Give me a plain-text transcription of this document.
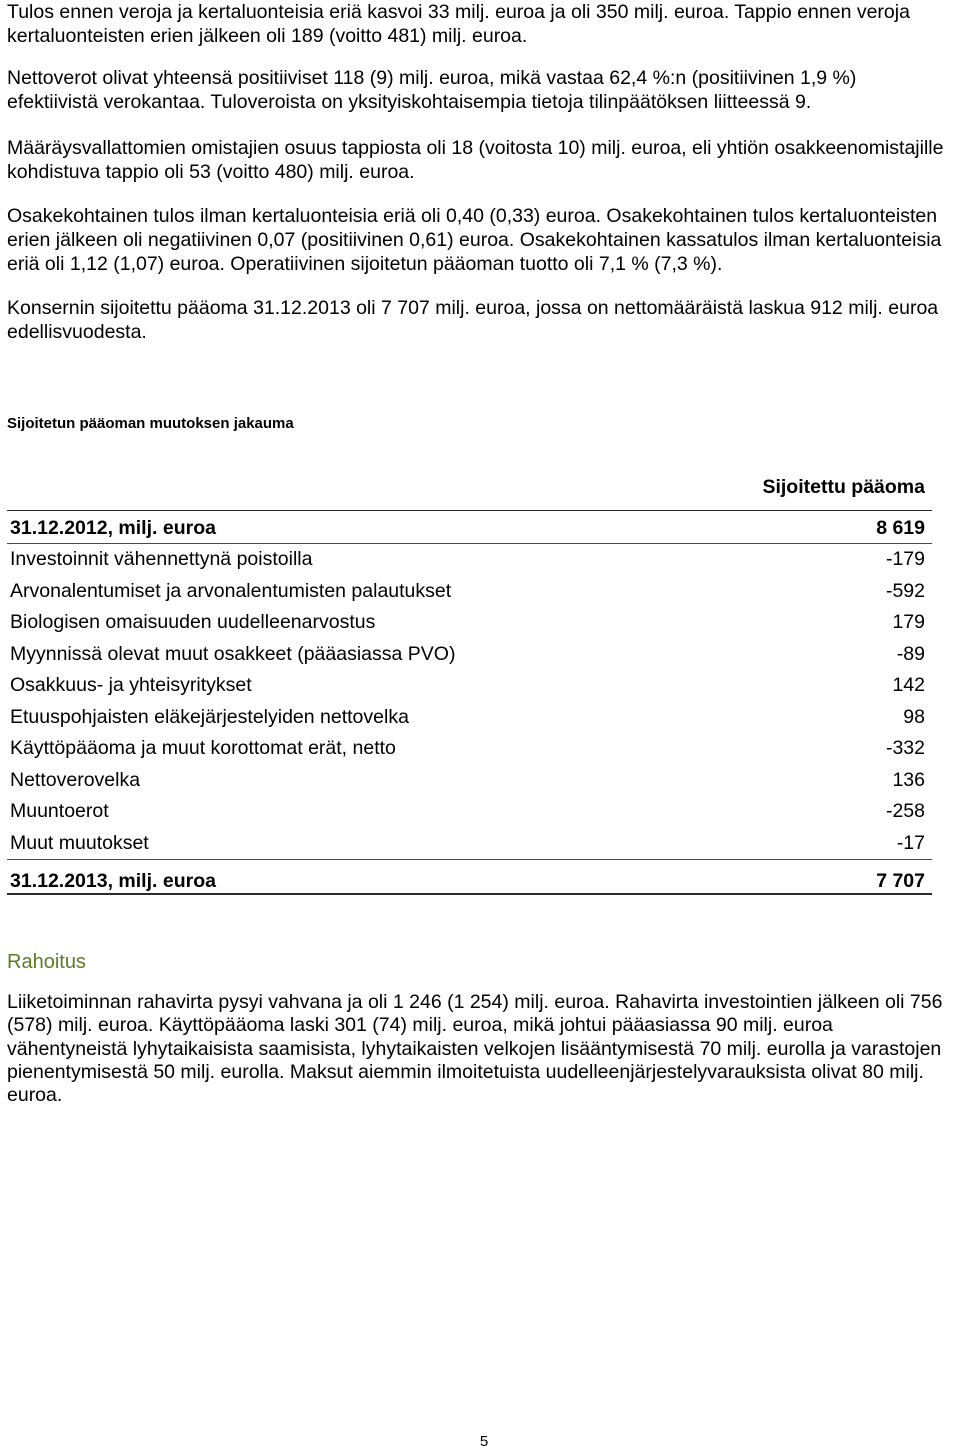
Tulos ennen veroja ja kertaluonteisia eriä kasvoi 33 milj. euroa ja oli 350 milj. euroa. Tappio ennen veroja
kertaluonteisten erien jälkeen oli 189 (voitto 481) milj. euroa.
Nettoverot olivat yhteensä positiiviset 118 (9) milj. euroa, mikä vastaa 62,4 %:n (positiivinen 1,9 %)
efektiivistä verokantaa. Tuloveroista on yksityiskohtaisempia tietoja tilinpäätöksen liitteessä 9.
Määräysvallattomien omistajien osuus tappiosta oli 18 (voitosta 10) milj. euroa, eli yhtiön osakkeenomistajille
kohdistuva tappio oli 53 (voitto 480) milj. euroa.
Osakekohtainen tulos ilman kertaluonteisia eriä oli 0,40 (0,33) euroa. Osakekohtainen tulos kertaluonteisten
erien jälkeen oli negatiivinen 0,07 (positiivinen 0,61) euroa. Osakekohtainen kassatulos ilman kertaluonteisia
eriä oli 1,12 (1,07) euroa. Operatiivinen sijoitetun pääoman tuotto oli 7,1 % (7,3 %).
Konsernin sijoitettu pääoma 31.12.2013 oli 7 707 milj. euroa, jossa on nettomääräistä laskua 912 milj. euroa
edellisvuodesta.
Sijoitetun pääoman muutoksen jakauma
Sijoitettu pääoma
31.12.2012, milj. euroa	8 619
Investoinnit vähennettynä poistoilla	-179
Arvonalentumiset ja arvonalentumisten palautukset	-592
Biologisen omaisuuden uudelleenarvostus	179
Myynnissä olevat muut osakkeet (pääasiassa PVO)	-89
Osakkuus- ja yhteisyritykset	142
Etuuspohjaisten eläkejärjestelyiden nettovelka	98
Käyttöpääoma ja muut korottomat erät, netto	-332
Nettoverovelka	136
Muuntoerot	-258
Muut muutokset	-17
31.12.2013, milj. euroa	7 707
Rahoitus
Liiketoiminnan rahavirta pysyi vahvana ja oli 1 246 (1 254) milj. euroa. Rahavirta investointien jälkeen oli 756
(578) milj. euroa. Käyttöpääoma laski 301 (74) milj. euroa, mikä johtui pääasiassa 90 milj. euroa
vähentyneistä lyhytaikaisista saamisista, lyhytaikaisten velkojen lisääntymisestä 70 milj. eurolla ja varastojen
pienentymisestä 50 milj. eurolla. Maksut aiemmin ilmoitetuista uudelleenjärjestelyvarauksista olivat 80 milj.
euroa.
5
